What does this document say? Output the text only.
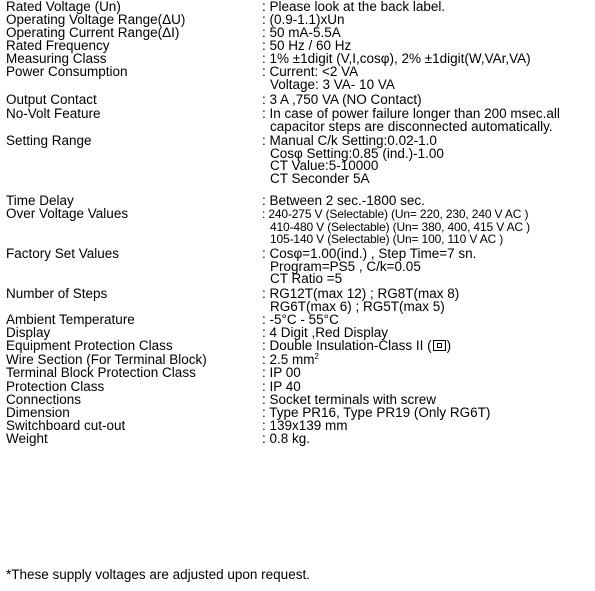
Rated Voltage (Un)	: Please look at the back label.
Operating Voltage Range(ΔU)	: (0.9-1.1)xUn
Operating Current Range(ΔI)	: 50 mA-5.5A
Rated Frequency	: 50 Hz / 60 Hz
Measuring Class	: 1% ±1digit (V,I,cosφ), 2% ±1digit(W,VAr,VA)
Power Consumption	: Current: <2 VA
Voltage: 3 VA- 10 VA
Output Contact	: 3 A ,750 VA (NO Contact)
No-Volt Feature	: In case of power failure longer than 200 msec.all
capacitor steps are disconnected automatically.
Setting Range	: Manual C/k Setting:0.02-1.0
Cosφ Setting:0.85 (ind.)-1.00
CT Value:5-10000
CT Seconder 5A
Time Delay	: Between 2 sec.-1800 sec.
Over Voltage Values	: 240-275 V (Selectable) (Un= 220, 230, 240 V AC )
410-480 V (Selectable) (Un= 380, 400, 415 V AC )
105-140 V (Selectable) (Un= 100, 110 V AC )
Factory Set Values	: Cosφ=1.00(ind.) , Step Time=7 sn.
Program=PS5 , C/k=0.05
CT Ratio =5
Number of Steps	: RG12T(max 12) ; RG8T(max 8)
RG6T(max 6) ; RG5T(max 5)
Ambient Temperature	: -5°C - 55°C
Display	: 4 Digit ,Red Display
Equipment Protection Class	: Double Insulation-Class II ( )
Wire Section (For Terminal Block)	: 2.5 $mm^2$
Terminal Block Protection Class	: IP 00
Protection Class	: IP 40
Connections	: Socket terminals with screw
Dimension	: Type PR16, Type PR19 (Only RG6T)
Switchboard cut-out	: 139x139 mm
Weight	: 0.8 kg.
*These supply voltages are adjusted upon request.
